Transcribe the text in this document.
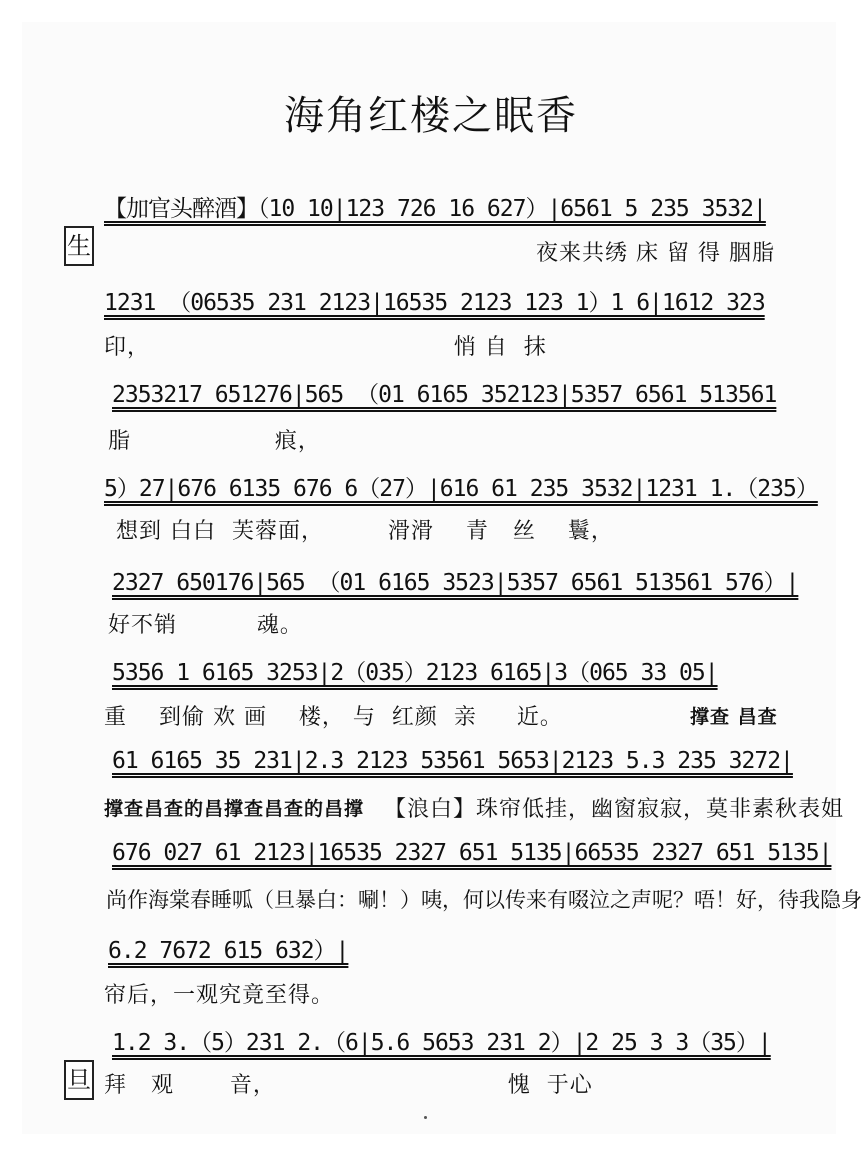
海角红楼之眠香
生
旦
【加官头醉酒】（10 10|123 726 16 627）|6561 5 235 3532|
夜来共绣 床 留 得 胭脂
1231 （06535 231 2123|16535 2123 123 1）1 6|1612 323
印，                                      悄 自  抹
2353217 651276|565 （01 6165 352123|5357 6561 513561
脂                  痕，
5）27|676 6135 676 6（27）|616 61 235 3532|1231 1.（235）
想到 白白  芙蓉面，        滑滑    青   丝    鬟，
2327 650176|565 （01 6165 3523|5357 6561 513561 576）|
好不销          魂。
5356 1 6165 3253|2（035）2123 6165|3（065 33 05|
重    到偷 欢 画    楼， 与  红颜  亲     近。	撑查 昌查
61 6165 35 231|2.3 2123 53561 5653|2123 5.3 235 3272|
撑查昌查的昌撑查昌查的昌撑 【浪白】珠帘低挂，幽窗寂寂，莫非素秋表姐
676 027 61 2123|16535 2327 651 5135|66535 2327 651 5135|
尚作海棠春睡呱（旦暴白：唰！）咦，何以传来有啜泣之声呢？唔！好，待我隐身
6.2 7672 615 632）|
帘后，一观究竟至得。
1.2 3.（5）231 2.（6|5.6 5653 231 2）|2 25 3 3（35）|
拜   观       音，                             愧  于心
